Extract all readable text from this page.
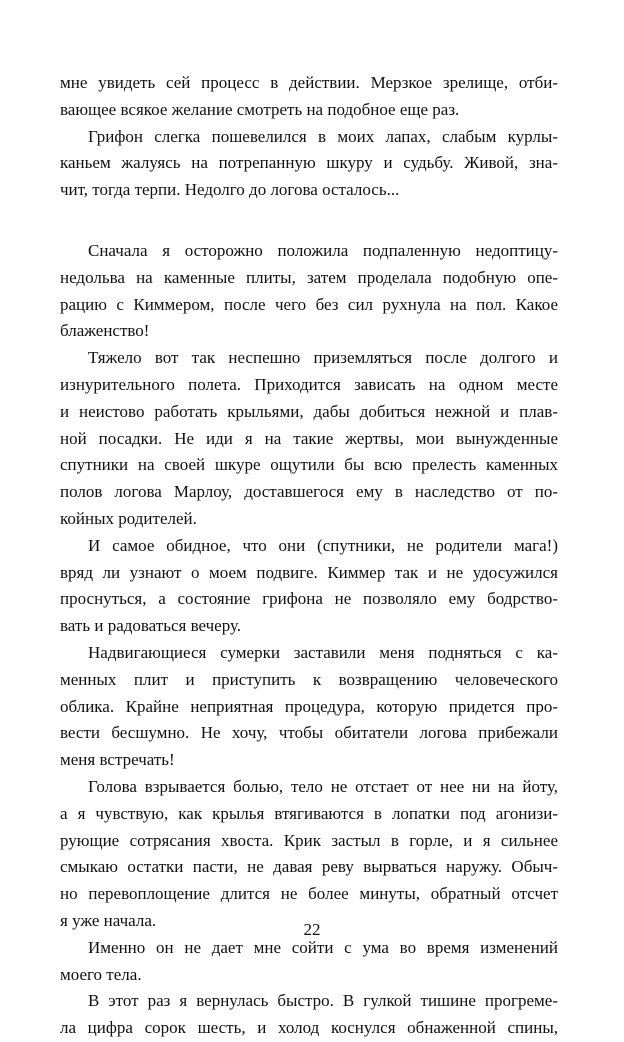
мне увидеть сей процесс в действии. Мерзкое зрелище, отби-
вающее всякое желание смотреть на подобное еще раз.
Грифон слегка пошевелился в моих лапах, слабым курлы-
каньем жалуясь на потрепанную шкуру и судьбу. Живой, зна-
чит, тогда терпи. Недолго до логова осталось...
Сначала я осторожно положила подпаленную недоптицу-
недольва на каменные плиты, затем проделала подобную опе-
рацию с Киммером, после чего без сил рухнула на пол. Какое
блаженство!
Тяжело вот так неспешно приземляться после долгого и
изнурительного полета. Приходится зависать на одном месте
и неистово работать крыльями, дабы добиться нежной и плав-
ной посадки. Не иди я на такие жертвы, мои вынужденные
спутники на своей шкуре ощутили бы всю прелесть каменных
полов логова Марлоу, доставшегося ему в наследство от по-
койных родителей.
И самое обидное, что они (спутники, не родители мага!)
вряд ли узнают о моем подвиге. Киммер так и не удосужился
проснуться, а состояние грифона не позволяло ему бодрство-
вать и радоваться вечеру.
Надвигающиеся сумерки заставили меня подняться с ка-
менных плит и приступить к возвращению человеческого
облика. Крайне неприятная процедура, которую придется про-
вести бесшумно. Не хочу, чтобы обитатели логова прибежали
меня встречать!
Голова взрывается болью, тело не отстает от нее ни на йоту,
а я чувствую, как крылья втягиваются в лопатки под агонизи-
рующие сотрясания хвоста. Крик застыл в горле, и я сильнее
смыкаю остатки пасти, не давая реву вырваться наружу. Обыч-
но перевоплощение длится не более минуты, обратный отсчет
я уже начала.
Именно он не дает мне сойти с ума во время изменений
моего тела.
В этот раз я вернулась быстро. В гулкой тишине прогреме-
ла цифра сорок шесть, и холод коснулся обнаженной спины,
22
